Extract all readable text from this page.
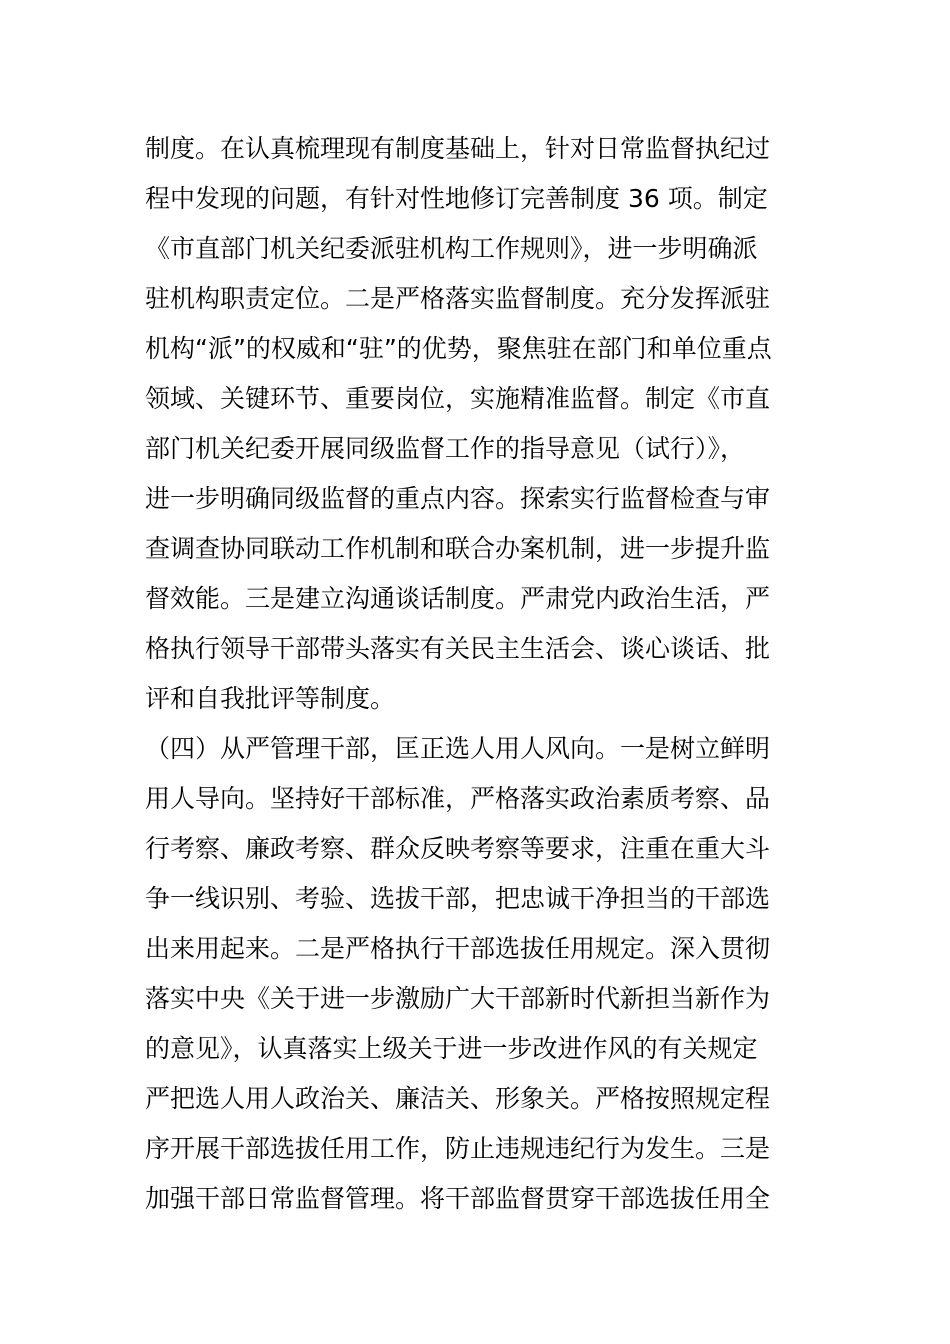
制度。在认真梳理现有制度基础上，针对日常监督执纪过
程中发现的问题，有针对性地修订完善制度 36 项。制定
《市直部门机关纪委派驻机构工作规则》，进一步明确派
驻机构职责定位。二是严格落实监督制度。充分发挥派驻
机构“派”的权威和“驻”的优势，聚焦驻在部门和单位重点
领域、关键环节、重要岗位，实施精准监督。制定《市直
部门机关纪委开展同级监督工作的指导意见（试行）》，
进一步明确同级监督的重点内容。探索实行监督检查与审
查调查协同联动工作机制和联合办案机制，进一步提升监
督效能。三是建立沟通谈话制度。严肃党内政治生活，严
格执行领导干部带头落实有关民主生活会、谈心谈话、批
评和自我批评等制度。
（四）从严管理干部，匡正选人用人风向。一是树立鲜明
用人导向。坚持好干部标准，严格落实政治素质考察、品
行考察、廉政考察、群众反映考察等要求，注重在重大斗
争一线识别、考验、选拔干部，把忠诚干净担当的干部选
出来用起来。二是严格执行干部选拔任用规定。深入贯彻
落实中央《关于进一步激励广大干部新时代新担当新作为
的意见》，认真落实上级关于进一步改进作风的有关规定
严把选人用人政治关、廉洁关、形象关。严格按照规定程
序开展干部选拔任用工作，防止违规违纪行为发生。三是
加强干部日常监督管理。将干部监督贯穿干部选拔任用全
